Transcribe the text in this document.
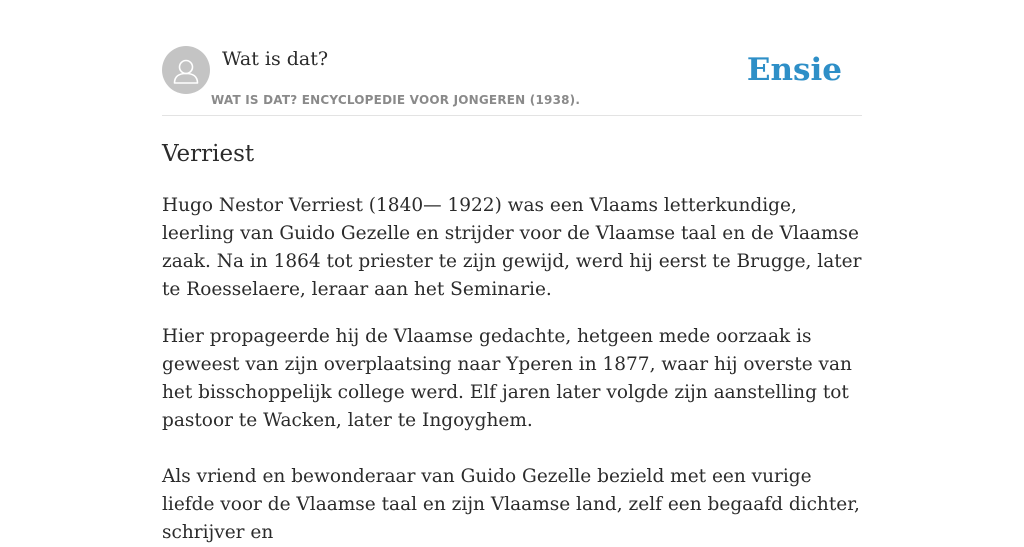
Wat is dat?
WAT IS DAT? ENCYCLOPEDIE VOOR JONGEREN (1938).
Ensie
Verriest

Hugo Nestor Verriest (1840— 1922) was een Vlaams letterkundige, leerling van Guido Gezelle en strijder voor de Vlaamse taal en de Vlaamse zaak. Na in 1864 tot priester te zijn gewijd, werd hij eerst te Brugge, later te Roesselaere, leraar aan het Seminarie.

Hier propageerde hij de Vlaamse gedachte, hetgeen mede oorzaak is geweest van zijn overplaatsing naar Yperen in 1877, waar hij overste van het bisschoppelijk college werd. Elf jaren later volgde zijn aanstelling tot pastoor te Wacken, later te Ingoyghem.

Als vriend en bewonderaar van Guido Gezelle bezield met een vurige liefde voor de Vlaamse taal en zijn Vlaamse land, zelf een begaafd dichter, schrijver en
